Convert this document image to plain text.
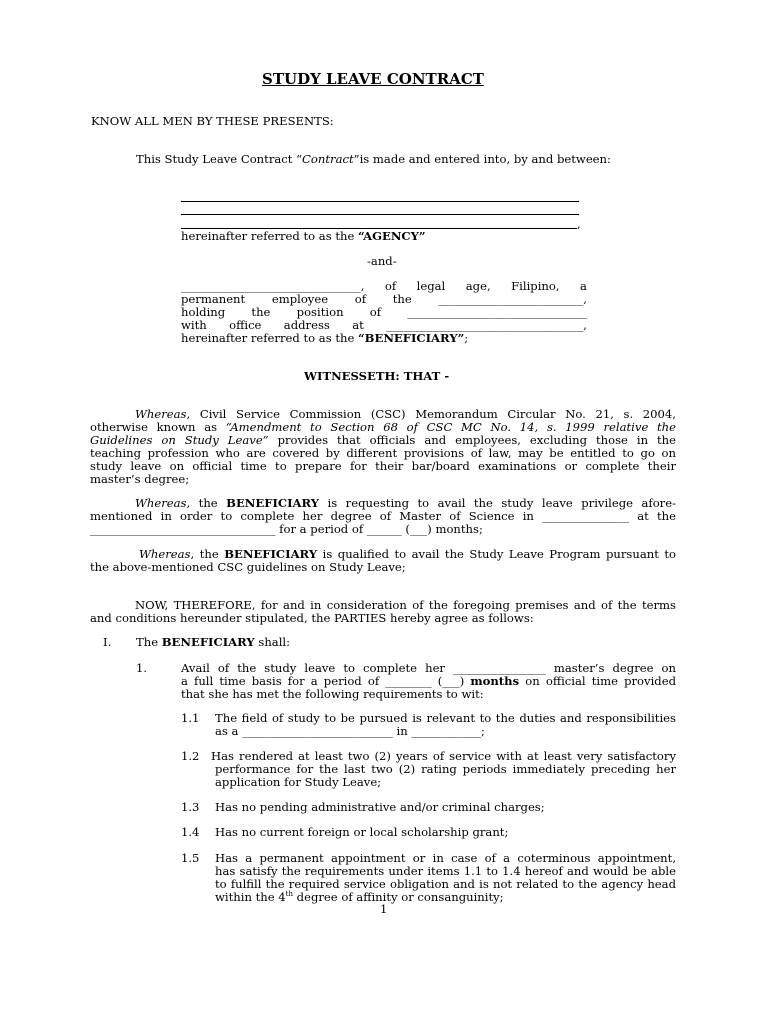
STUDY LEAVE CONTRACT
KNOW ALL MEN BY THESE PRESENTS:
This Study Leave Contract “Contract”is made and entered into, by and between:
,
hereinafter referred to as the “AGENCY”
-and-
_______________________________, of legal age, Filipino, a
permanent employee of the _________________________,
holding the position of _______________________________
with office address at __________________________________,
hereinafter referred to as the “BENEFICIARY”;
WITNESSETH: THAT -
Whereas, Civil Service Commission (CSC) Memorandum Circular No. 21, s. 2004,
otherwise known as “Amendment to Section 68 of CSC MC No. 14, s. 1999 relative the
Guidelines on Study Leave” provides that officials and employees, excluding those in the
teaching profession who are covered by different provisions of law, may be entitled to go on
study leave on official time to prepare for their bar/board examinations or complete their
master’s degree;
Whereas, the BENEFICIARY is requesting to avail the study leave privilege afore-
mentioned in order to complete her degree of Master of Science in _______________ at the
________________________________ for a period of ______ (___) months;
Whereas, the BENEFICIARY is qualified to avail the Study Leave Program pursuant to
the above-mentioned CSC guidelines on Study Leave;
NOW, THEREFORE, for and in consideration of the foregoing premises and of the terms
and conditions hereunder stipulated, the PARTIES hereby agree as follows:
I. The BENEFICIARY shall:
1.	Avail of the study leave to complete her ________________ master’s degree on
a full time basis for a period of ________ (___) months on official time provided
that she has met the following requirements to wit:
1.1 The field of study to be pursued is relevant to the duties and responsibilities
as a __________________________ in ____________;
1.2 Has rendered at least two (2) years of service with at least very satisfactory
performance for the last two (2) rating periods immediately preceding her
application for Study Leave;
1.3 Has no pending administrative and/or criminal charges;
1.4 Has no current foreign or local scholarship grant;
1.5 Has a permanent appointment or in case of a coterminous appointment,
has satisfy the requirements under items 1.1 to 1.4 hereof and would be able
to fulfill the required service obligation and is not related to the agency head
within the 4th degree of affinity or consanguinity;
1
